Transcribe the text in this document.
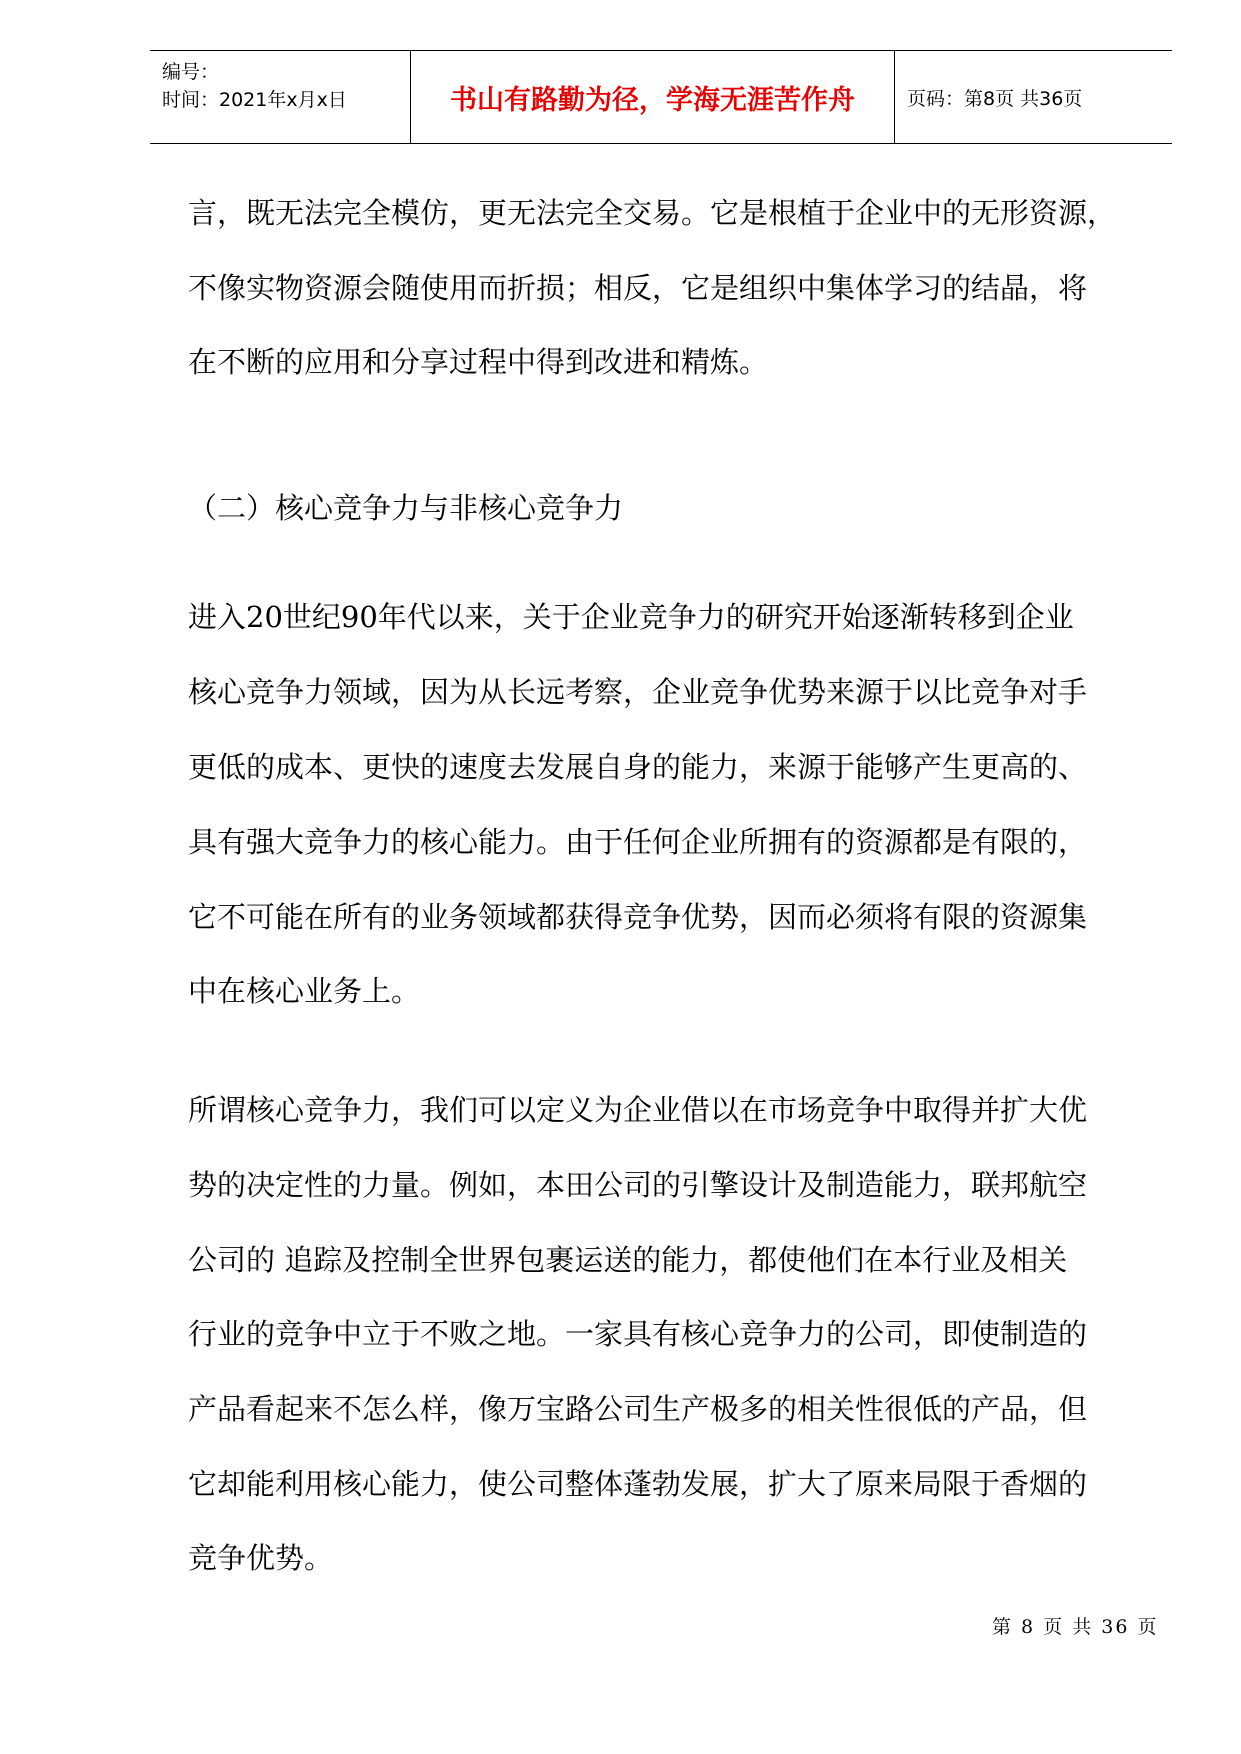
编号：
时间：2021年x月x日	书山有路勤为径，学海无涯苦作舟	页码：第8页 共36页
言，既无法完全模仿，更无法完全交易。它是根植于企业中的无形资源，
不像实物资源会随使用而折损；相反，它是组织中集体学习的结晶，将
在不断的应用和分享过程中得到改进和精炼。
（二）核心竞争力与非核心竞争力
进入20世纪90年代以来，关于企业竞争力的研究开始逐渐转移到企业
核心竞争力领域，因为从长远考察，企业竞争优势来源于以比竞争对手
更低的成本、更快的速度去发展自身的能力，来源于能够产生更高的、
具有强大竞争力的核心能力。由于任何企业所拥有的资源都是有限的，
它不可能在所有的业务领域都获得竞争优势，因而必须将有限的资源集
中在核心业务上。
所谓核心竞争力，我们可以定义为企业借以在市场竞争中取得并扩大优
势的决定性的力量。例如，本田公司的引擎设计及制造能力，联邦航空
公司的 追踪及控制全世界包裹运送的能力，都使他们在本行业及相关
行业的竞争中立于不败之地。一家具有核心竞争力的公司，即使制造的
产品看起来不怎么样，像万宝路公司生产极多的相关性很低的产品，但
它却能利用核心能力，使公司整体蓬勃发展，扩大了原来局限于香烟的
竞争优势。
第 8 页 共 36 页
